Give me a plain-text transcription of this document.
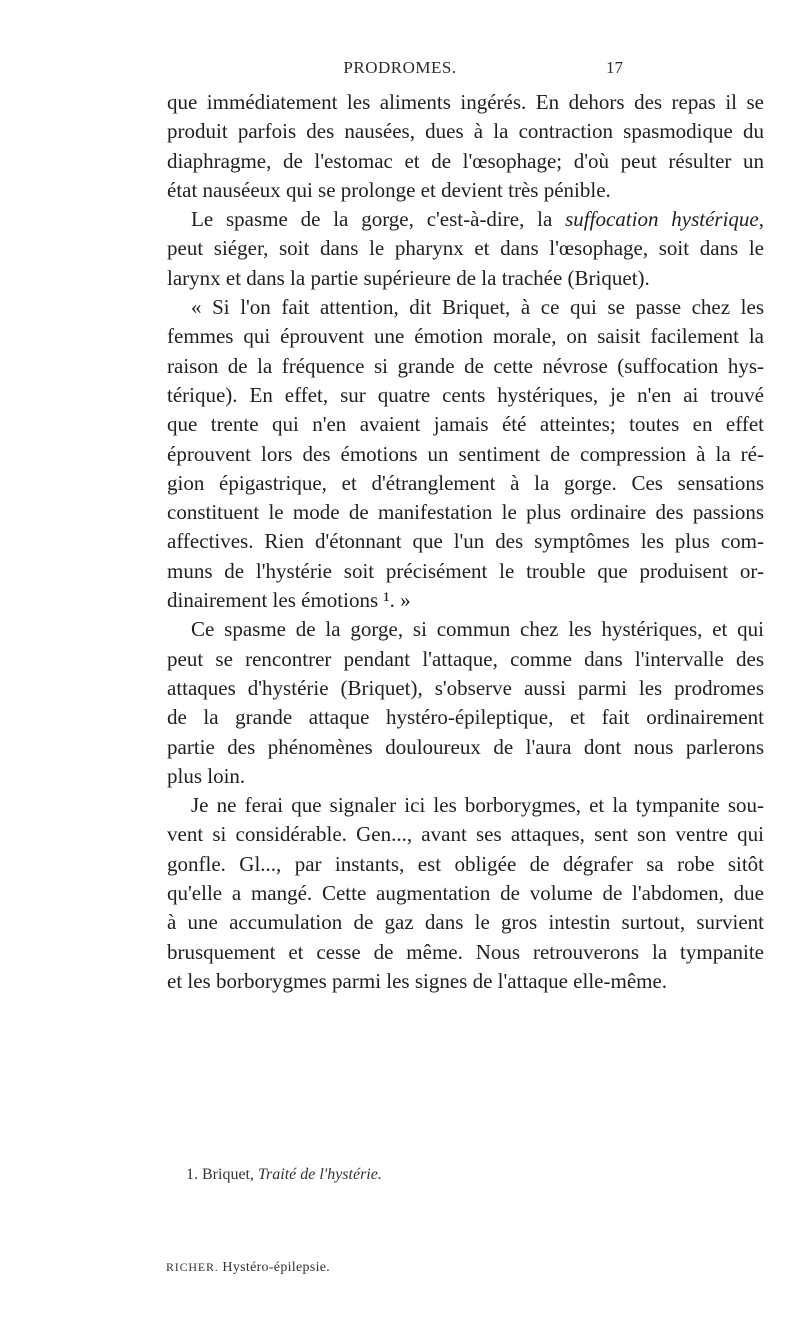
PRODROMES.	17
que immédiatement les aliments ingérés. En dehors des repas il se
produit parfois des nausées, dues à la contraction spasmodique du
diaphragme, de l'estomac et de l'œsophage; d'où peut résulter un
état nauséeux qui se prolonge et devient très pénible.
Le spasme de la gorge, c'est-à-dire, la suffocation hystérique,
peut siéger, soit dans le pharynx et dans l'œsophage, soit dans le
larynx et dans la partie supérieure de la trachée (Briquet).
« Si l'on fait attention, dit Briquet, à ce qui se passe chez les
femmes qui éprouvent une émotion morale, on saisit facilement la
raison de la fréquence si grande de cette névrose (suffocation hys-
térique). En effet, sur quatre cents hystériques, je n'en ai trouvé
que trente qui n'en avaient jamais été atteintes; toutes en effet
éprouvent lors des émotions un sentiment de compression à la ré-
gion épigastrique, et d'étranglement à la gorge. Ces sensations
constituent le mode de manifestation le plus ordinaire des passions
affectives. Rien d'étonnant que l'un des symptômes les plus com-
muns de l'hystérie soit précisément le trouble que produisent or-
dinairement les émotions ¹. »
Ce spasme de la gorge, si commun chez les hystériques, et qui
peut se rencontrer pendant l'attaque, comme dans l'intervalle des
attaques d'hystérie (Briquet), s'observe aussi parmi les prodromes
de la grande attaque hystéro-épileptique, et fait ordinairement
partie des phénomènes douloureux de l'aura dont nous parlerons
plus loin.
Je ne ferai que signaler ici les borborygmes, et la tympanite sou-
vent si considérable. Gen..., avant ses attaques, sent son ventre qui
gonfle. Gl..., par instants, est obligée de dégrafer sa robe sitôt
qu'elle a mangé. Cette augmentation de volume de l'abdomen, due
à une accumulation de gaz dans le gros intestin surtout, survient
brusquement et cesse de même. Nous retrouverons la tympanite
et les borborygmes parmi les signes de l'attaque elle-même.
1. Briquet, Traité de l'hystérie.
RICHER. Hystéro-épilepsie.
